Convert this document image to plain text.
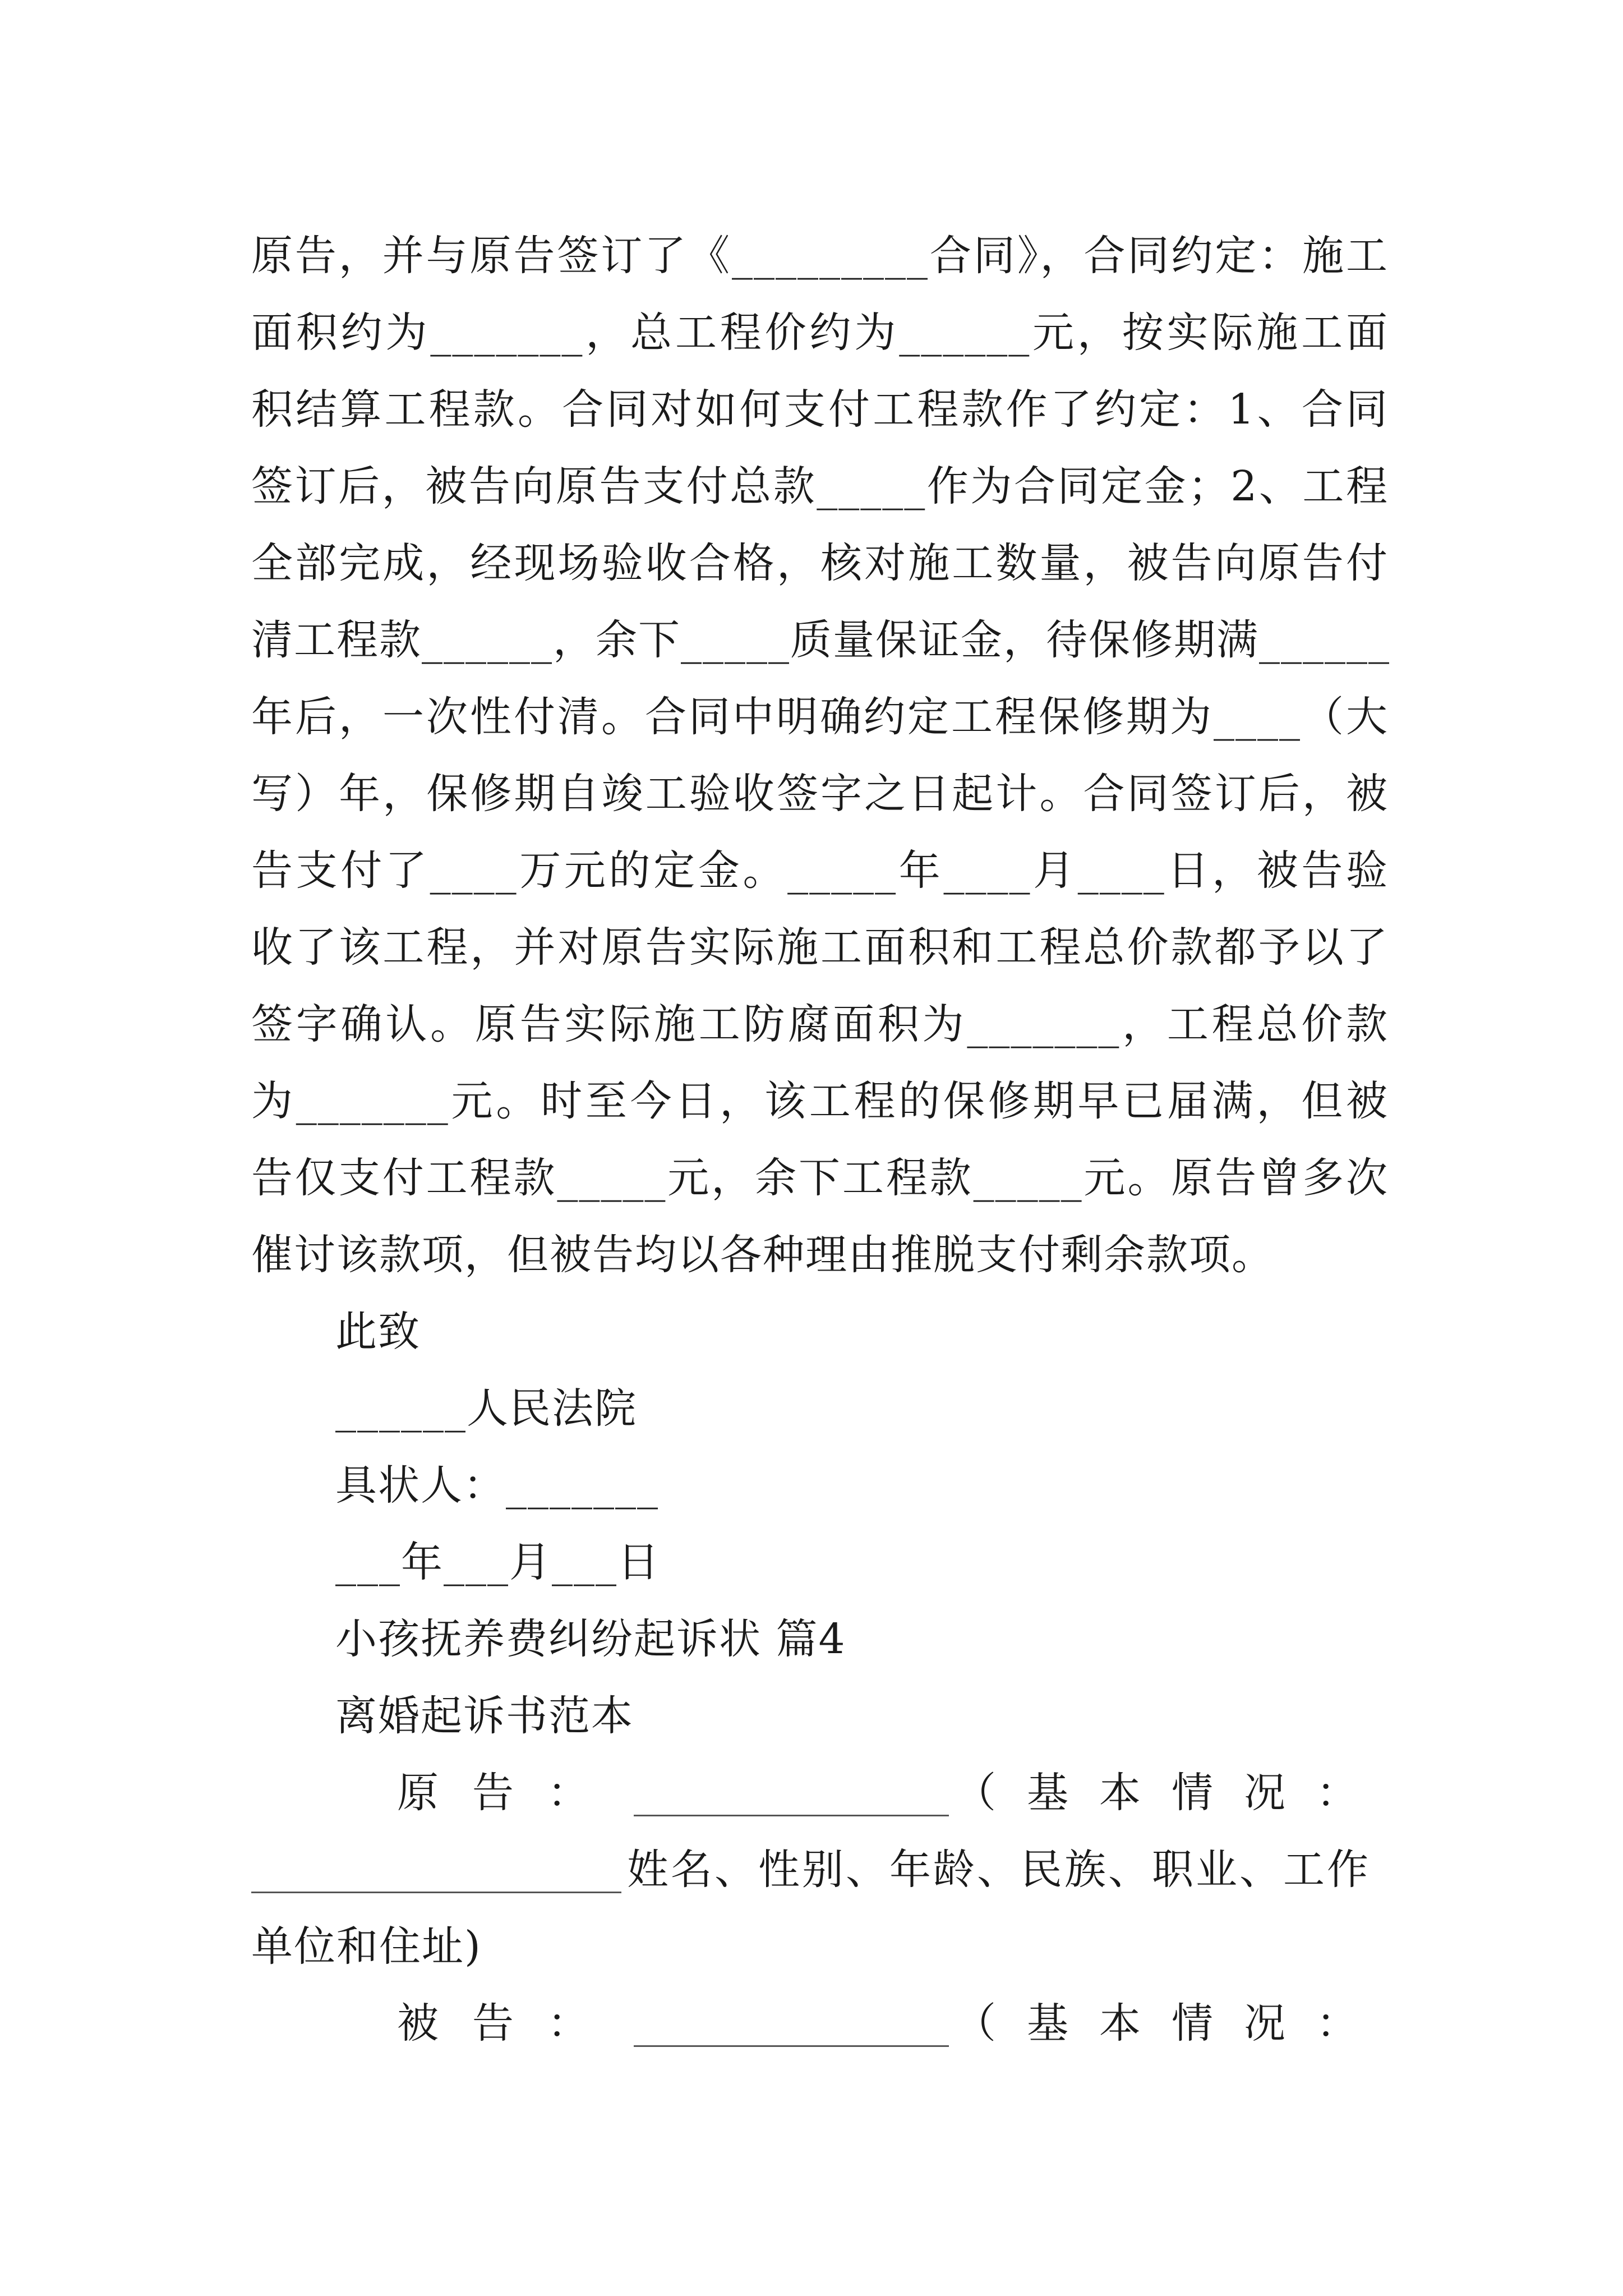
原告，并与原告签订了《_________合同》，合同约定：施工

面积约为_______，总工程价约为______元，按实际施工面

积结算工程款。合同对如何支付工程款作了约定：1、合同

签订后，被告向原告支付总款_____作为合同定金；2、工程

全部完成，经现场验收合格，核对施工数量，被告向原告付

清工程款______，余下_____质量保证金，待保修期满______

年后，一次性付清。合同中明确约定工程保修期为____（大

写）年，保修期自竣工验收签字之日起计。合同签订后，被

告支付了____万元的定金。_____年____月____日，被告验

收了该工程，并对原告实际施工面积和工程总价款都予以了

签字确认。原告实际施工防腐面积为_______，工程总价款

为_______元。时至今日，该工程的保修期早已届满，但被

告仅支付工程款_____元，余下工程款_____元。原告曾多次

催讨该款项，但被告均以各种理由推脱支付剩余款项。

此致

______人民法院

具状人：_______

___年___月___日

小孩抚养费纠纷起诉状 篇4

离婚起诉书范本

原告：	（基本情况：

姓名、性别、年龄、民族、职业、工作

单位和住址)

被告：	（基本情况：
